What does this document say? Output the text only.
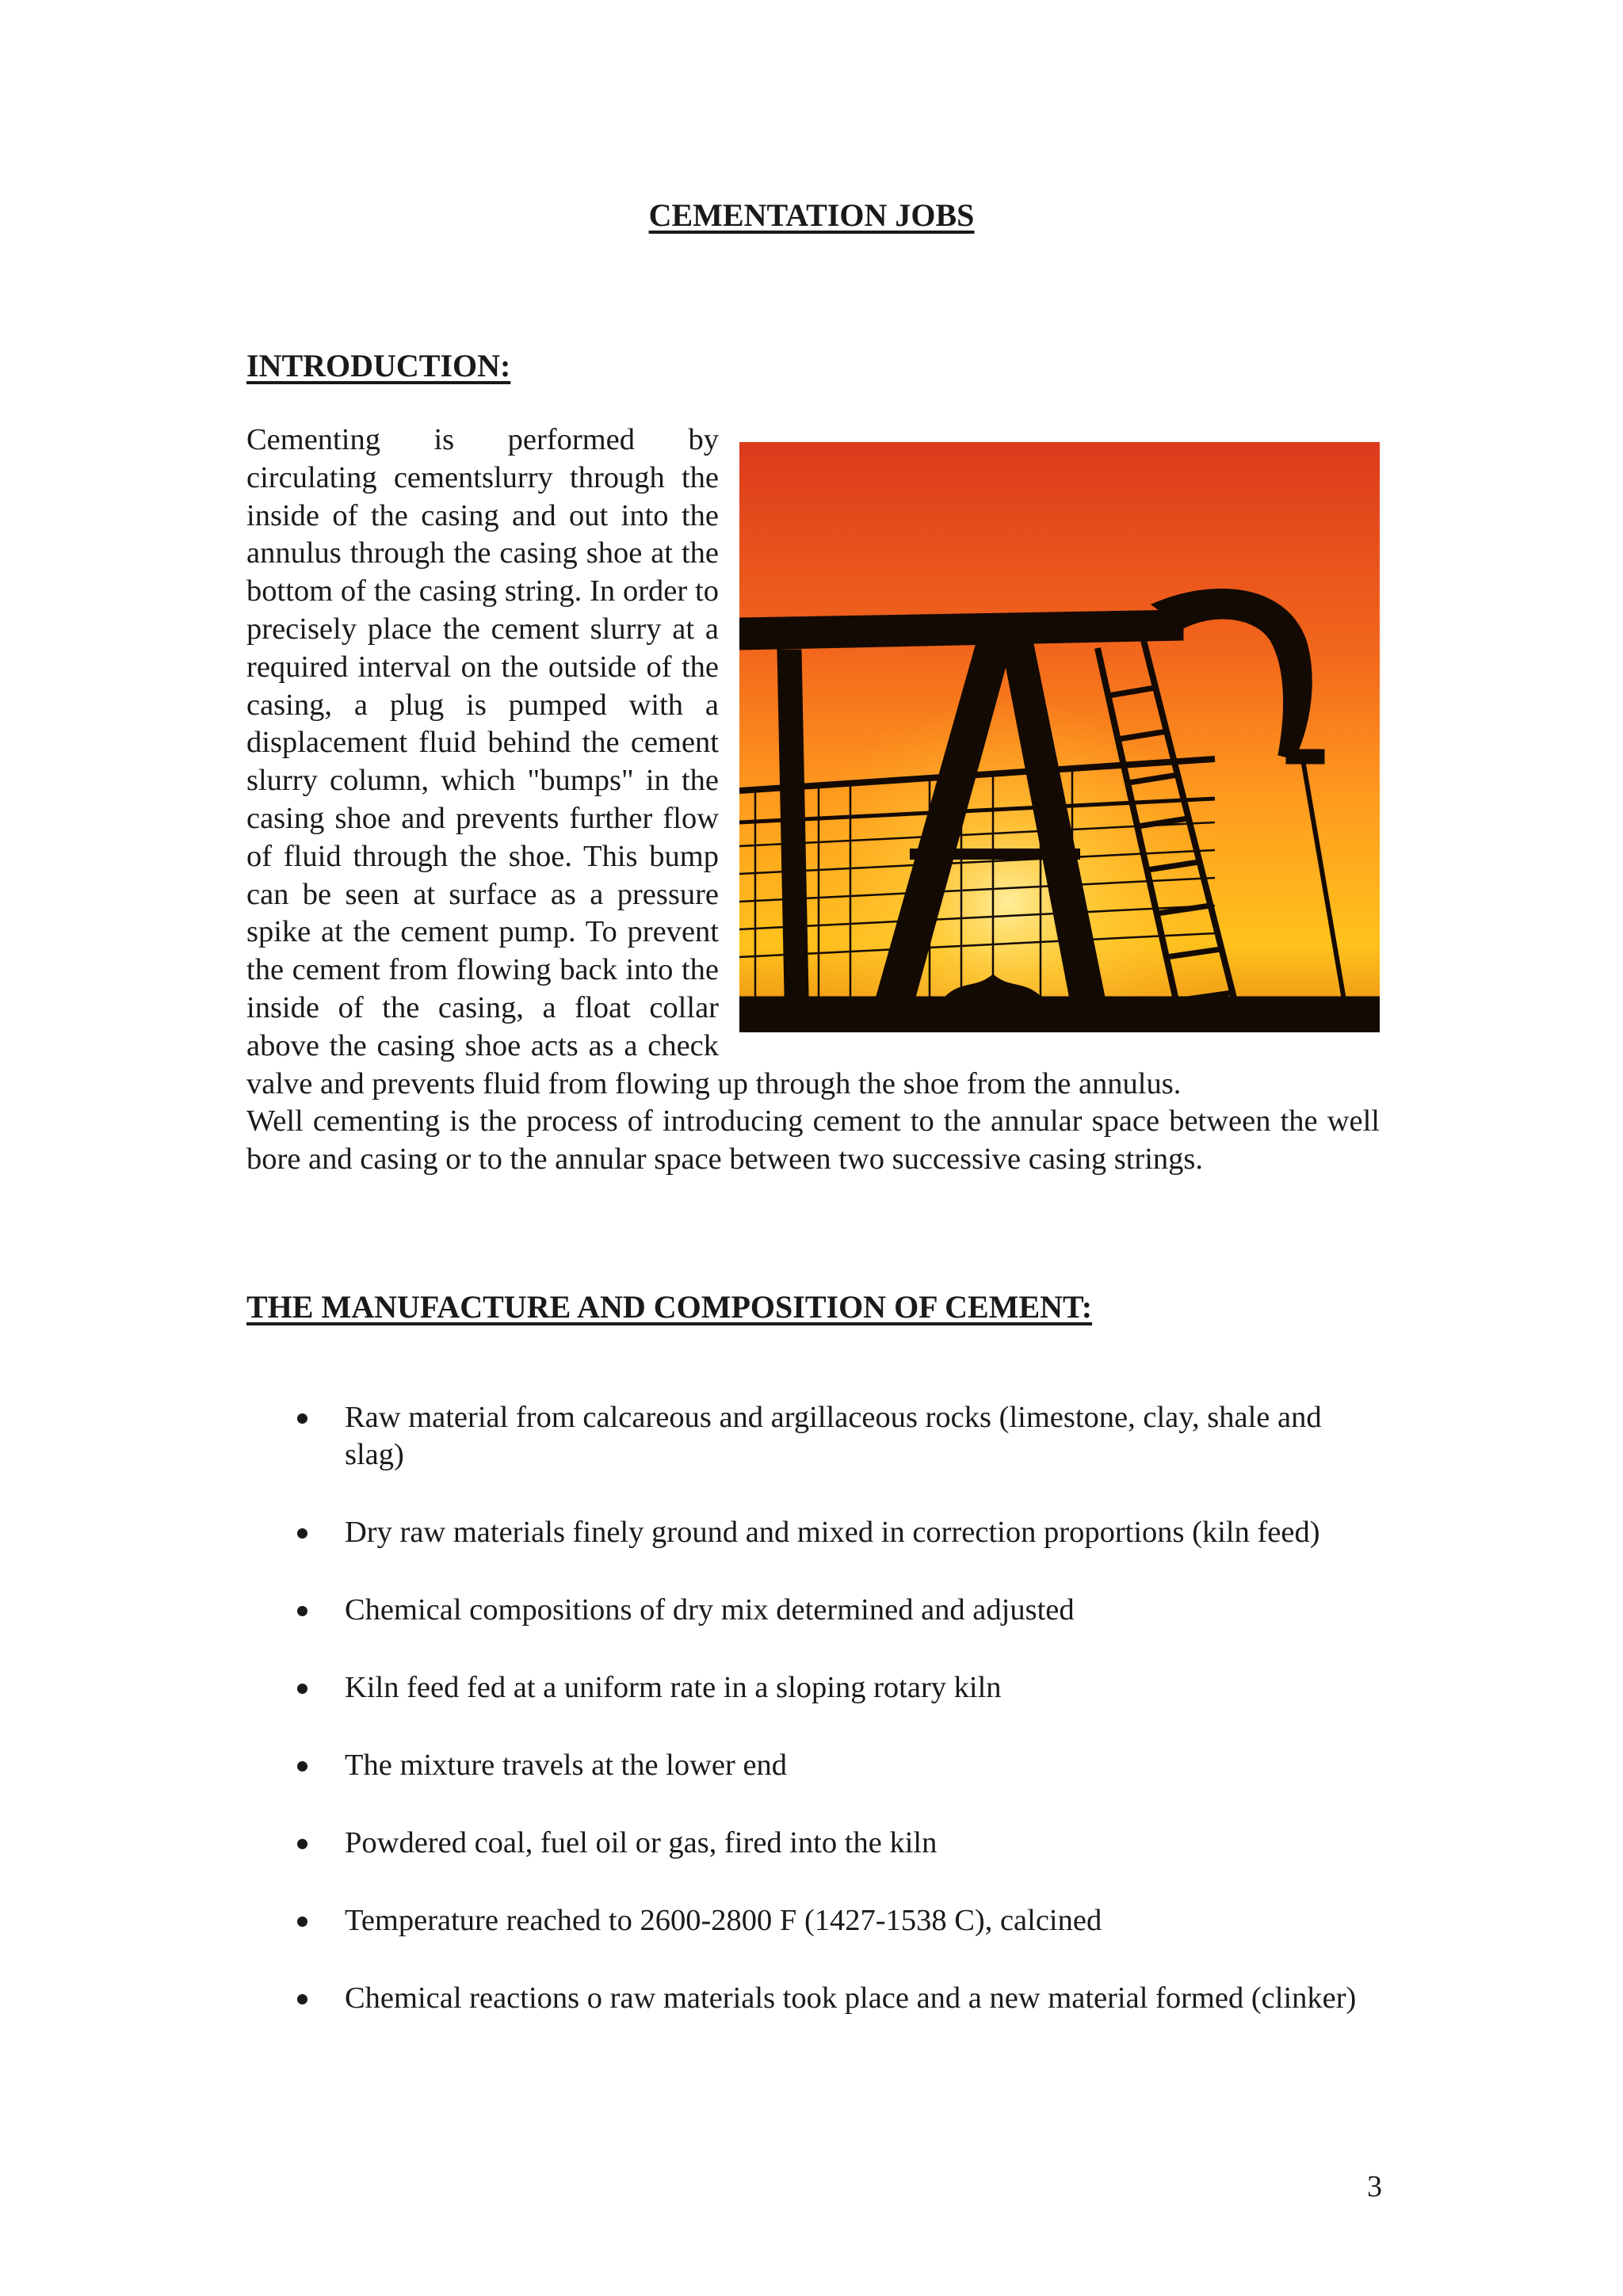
CEMENTATION JOBS
INTRODUCTION:

Cementing is performed by circulating cementslurry through the inside of the casing and out into the annulus through the casing shoe at the bottom of the casing string. In order to precisely place the cement slurry at a required interval on the outside of the casing, a plug is pumped with a displacement fluid behind the cement slurry column, which "bumps" in the casing shoe and prevents further flow of fluid through the shoe. This bump can be seen at surface as a pressure spike at the cement pump. To prevent the cement from flowing back into the inside of the casing, a float collar above the casing shoe acts as a check valve and prevents fluid from flowing up through the shoe from the annulus.

Well cementing is the process of introducing cement to the annular space between the well bore and casing or to the annular space between two successive casing strings.

THE MANUFACTURE AND COMPOSITION OF CEMENT:
Raw material from calcareous and argillaceous rocks (limestone, clay, shale and slag)
Dry raw materials finely ground and mixed in correction proportions (kiln feed)
Chemical compositions of dry mix determined and adjusted
Kiln feed fed at a uniform rate in a sloping rotary kiln
The mixture travels at the lower end
Powdered coal, fuel oil or gas, fired into the kiln
Temperature reached to 2600-2800 F (1427-1538 C), calcined
Chemical reactions o raw materials took place and a new material formed (clinker)
3
